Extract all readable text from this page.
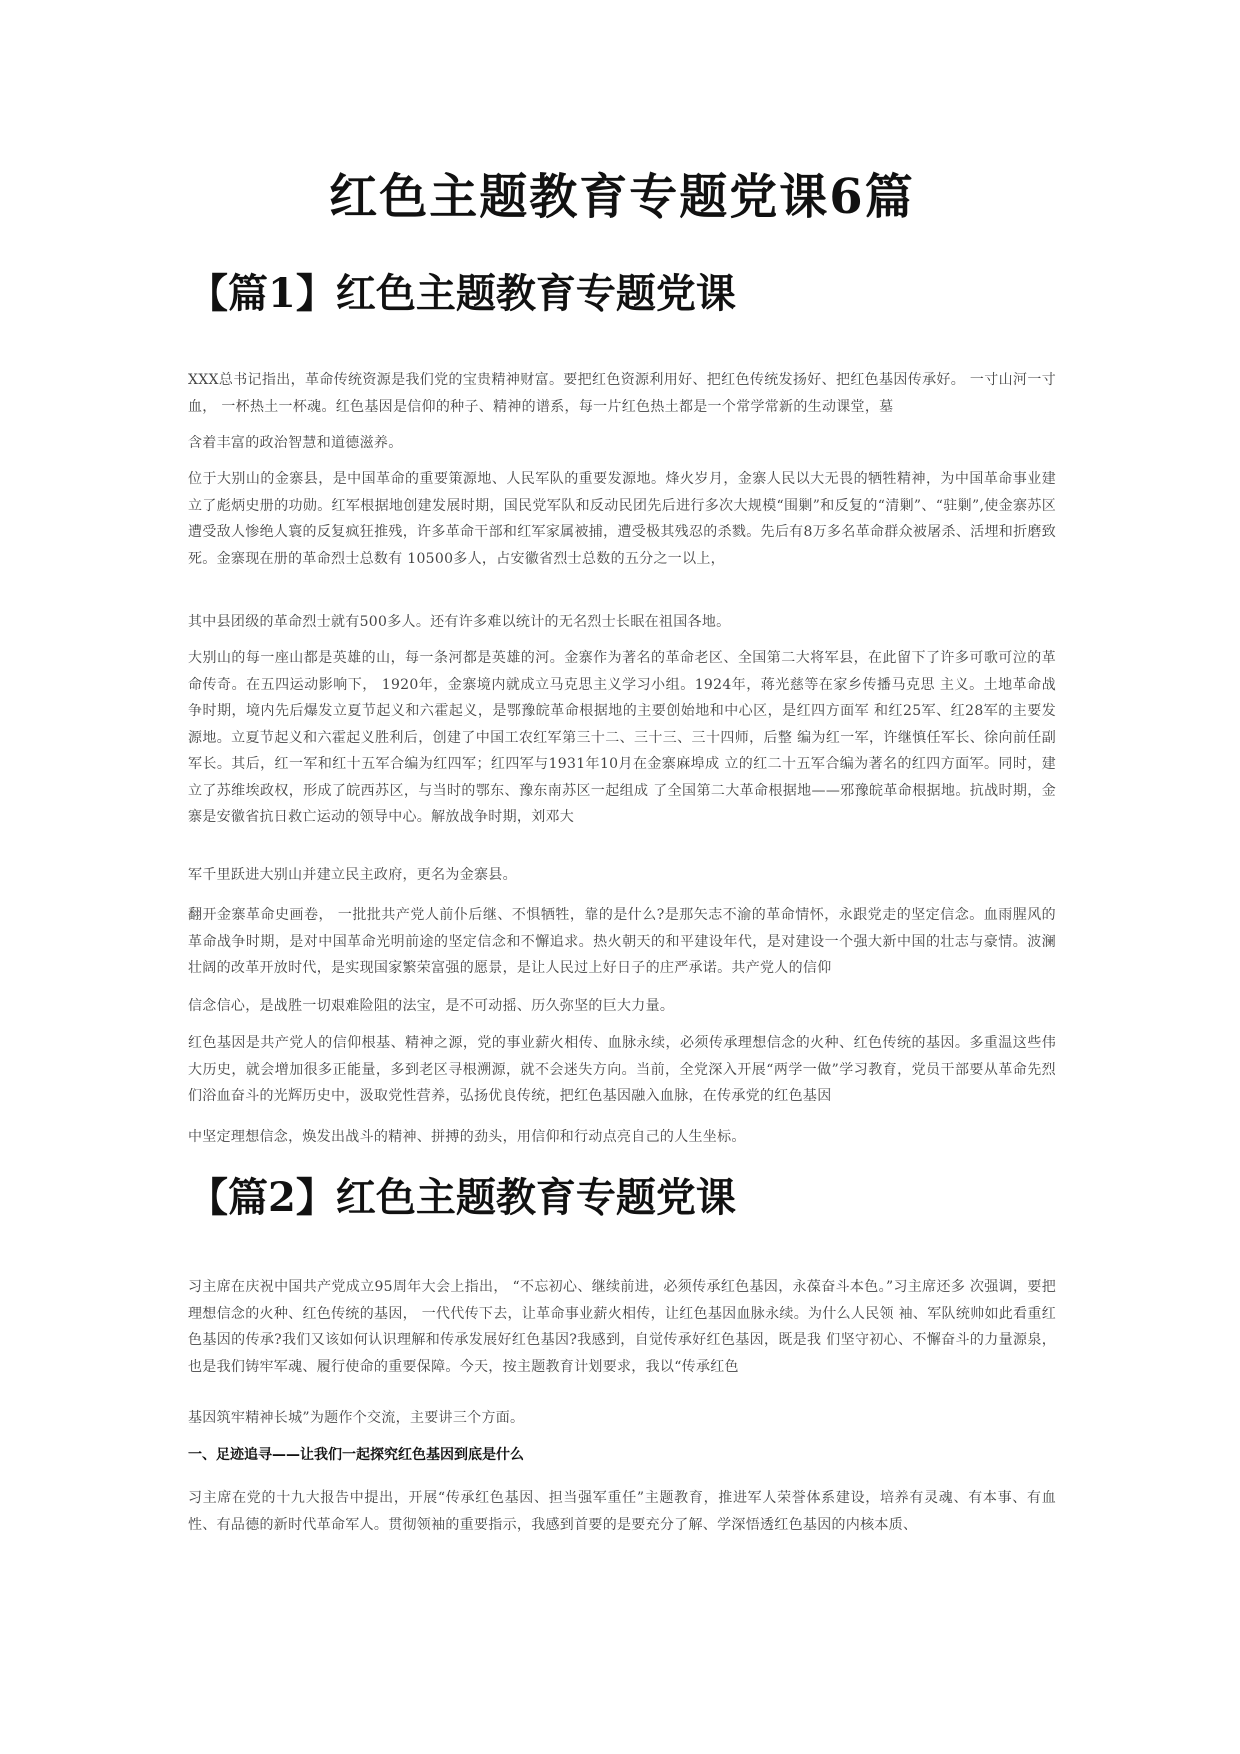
红色主题教育专题党课6篇
【篇1】红色主题教育专题党课

XXX总书记指出，革命传统资源是我们党的宝贵精神财富。要把红色资源利用好、把红色传统发扬好、把红色基因传承好。 一寸山河一寸血， 一杯热土一杯魂。红色基因是信仰的种子、精神的谱系，每一片红色热土都是一个常学常新的生动课堂，墓

含着丰富的政治智慧和道德滋养。

位于大别山的金寨县，是中国革命的重要策源地、人民军队的重要发源地。烽火岁月，金寨人民以大无畏的牺牲精神，为中国革命事业建立了彪炳史册的功勋。红军根据地创建发展时期，国民党军队和反动民团先后进行多次大规模“围剿”和反复的“清剿”、“驻剿”,使金寨苏区遭受敌人惨绝人寰的反复疯狂推残，许多革命干部和红军家属被捕，遭受极其残忍的杀戮。先后有8万多名革命群众被屠杀、活埋和折磨致死。金寨现在册的革命烈士总数有 10500多人，占安徽省烈士总数的五分之一以上，

其中县团级的革命烈士就有500多人。还有许多难以统计的无名烈士长眠在祖国各地。

大别山的每一座山都是英雄的山，每一条河都是英雄的河。金寨作为著名的革命老区、全国第二大将军县，在此留下了许多可歌可泣的革命传奇。在五四运动影响下， 1920年，金寨境内就成立马克思主义学习小组。1924年，蒋光慈等在家乡传播马克思 主义。土地革命战争时期，境内先后爆发立夏节起义和六霍起义，是鄂豫皖革命根据地的主要创始地和中心区，是红四方面军 和红25军、红28军的主要发源地。立夏节起义和六霍起义胜利后，创建了中国工农红军第三十二、三十三、三十四师，后整 编为红一军，许继慎任军长、徐向前任副军长。其后，红一军和红十五军合编为红四军；红四军与1931年10月在金寨麻埠成 立的红二十五军合编为著名的红四方面军。同时，建立了苏维埃政权，形成了皖西苏区，与当时的鄂东、豫东南苏区一起组成 了全国第二大革命根据地——邪豫皖革命根据地。抗战时期，金寨是安徽省抗日救亡运动的领导中心。解放战争时期，刘邓大

军千里跃进大别山并建立民主政府，更名为金寨县。

翻开金寨革命史画卷， 一批批共产党人前仆后继、不惧牺牲，靠的是什么?是那矢志不渝的革命情怀，永跟党走的坚定信念。血雨腥风的革命战争时期，是对中国革命光明前途的坚定信念和不懈追求。热火朝天的和平建设年代，是对建设一个强大新中国的壮志与豪情。波澜壮阔的改革开放时代，是实现国家繁荣富强的愿景，是让人民过上好日子的庄严承诺。共产党人的信仰

信念信心，是战胜一切艰难险阻的法宝，是不可动摇、历久弥坚的巨大力量。

红色基因是共产党人的信仰根基、精神之源，党的事业薪火相传、血脉永续，必须传承理想信念的火种、红色传统的基因。多重温这些伟大历史，就会增加很多正能量，多到老区寻根溯源，就不会迷失方向。当前，全党深入开展“两学一做”学习教育，党员干部要从革命先烈们浴血奋斗的光辉历史中，汲取党性营养，弘扬优良传统，把红色基因融入血脉，在传承党的红色基因

中坚定理想信念，焕发出战斗的精神、拼搏的劲头，用信仰和行动点亮自己的人生坐标。

【篇2】红色主题教育专题党课

习主席在庆祝中国共产党成立95周年大会上指出， “不忘初心、继续前进，必须传承红色基因，永葆奋斗本色。”习主席还多 次强调，要把理想信念的火种、红色传统的基因， 一代代传下去，让革命事业薪火相传，让红色基因血脉永续。为什么人民领 袖、军队统帅如此看重红色基因的传承?我们又该如何认识理解和传承发展好红色基因?我感到，自觉传承好红色基因，既是我 们坚守初心、不懈奋斗的力量源泉，也是我们铸牢军魂、履行使命的重要保障。今天，按主题教育计划要求，我以“传承红色

基因筑牢精神长城”为题作个交流，主要讲三个方面。

一、足迹追寻——让我们一起探究红色基因到底是什么

习主席在党的十九大报告中提出，开展“传承红色基因、担当强军重任”主题教育，推进军人荣誉体系建设，培养有灵魂、有本事、有血性、有品德的新时代革命军人。贯彻领袖的重要指示，我感到首要的是要充分了解、学深悟透红色基因的内核本质、
